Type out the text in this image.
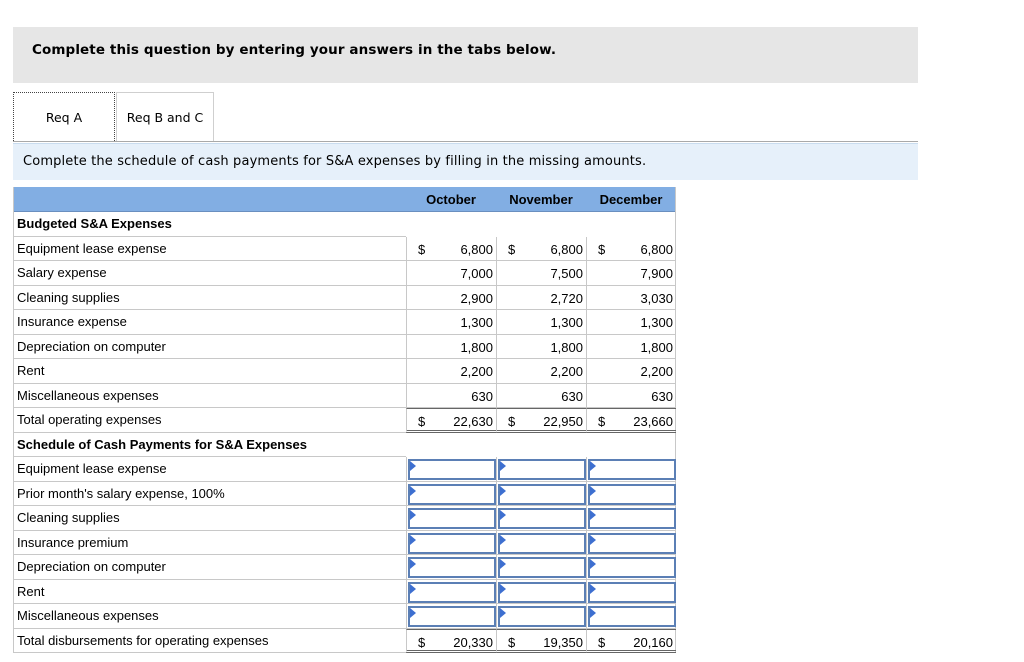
Complete this question by entering your answers in the tabs below.
Req A	Req B and C
Complete the schedule of cash payments for S&A expenses by filling in the missing amounts.
October	November	December
Budgeted S&A Expenses
Equipment lease expense	$	6,800 $	6,800 $	6,800
Salary expense	7,000	7,500	7,900
Cleaning supplies	2,900	2,720	3,030
Insurance expense	1,300	1,300	1,300
Depreciation on computer	1,800	1,800	1,800
Rent	2,200	2,200	2,200
Miscellaneous expenses	630	630	630
Total operating expenses	$ 22,630 $ 22,950 $ 23,660
Schedule of Cash Payments for S&A Expenses
Equipment lease expense
Prior month's salary expense, 100%
Cleaning supplies
Insurance premium
Depreciation on computer
Rent
Miscellaneous expenses
Total disbursements for operating expenses	$ 20,330 $ 19,350 $ 20,160
